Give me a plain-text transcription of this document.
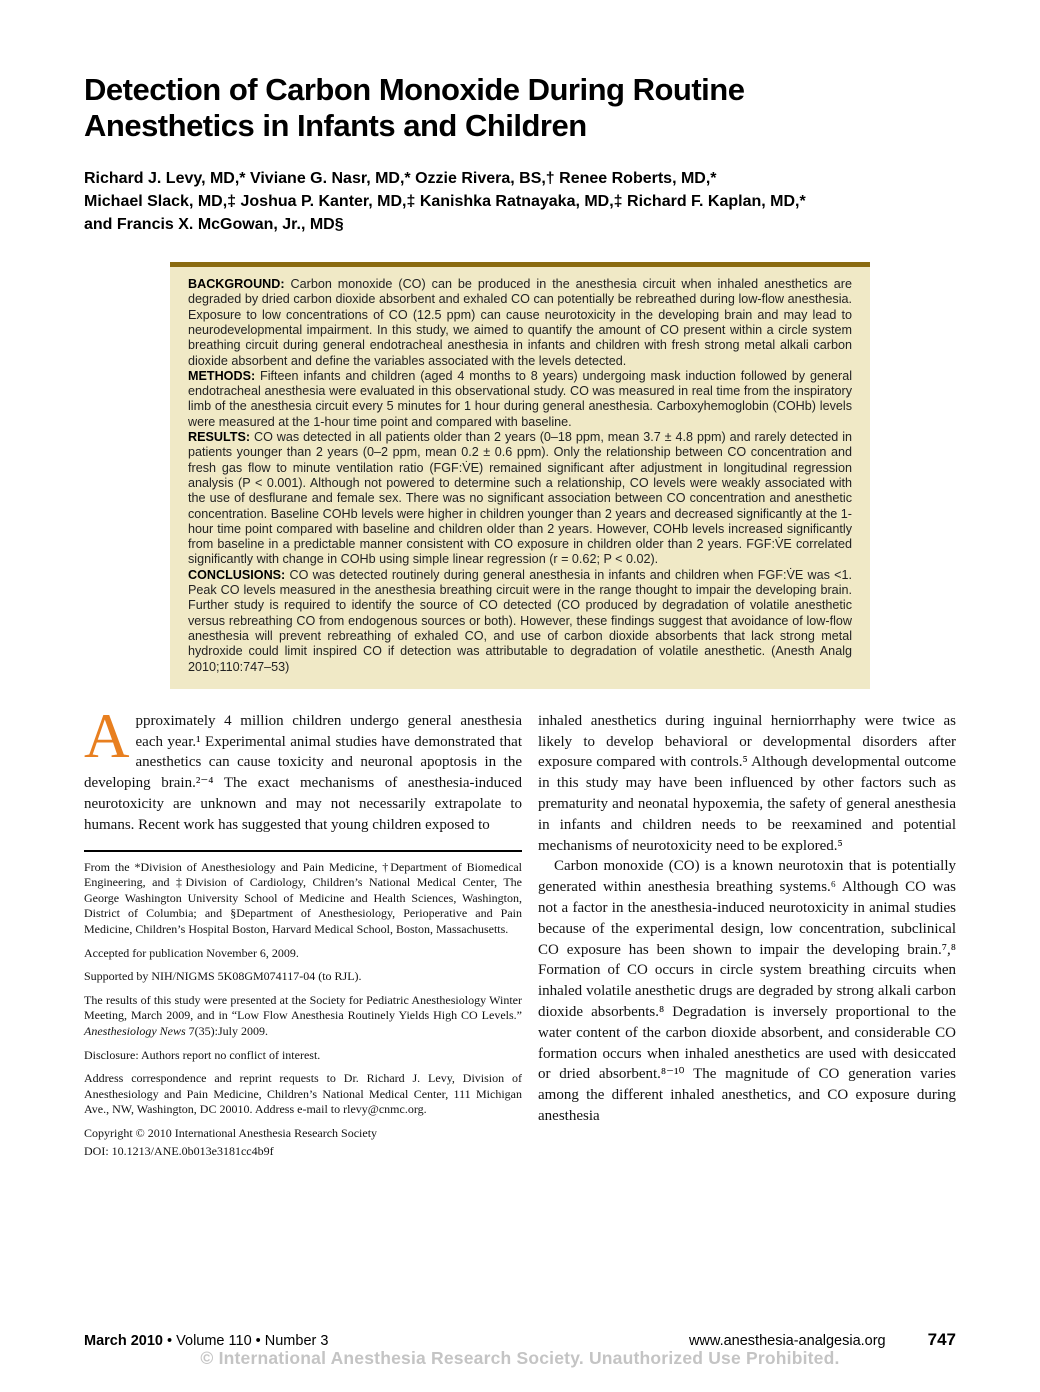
Detection of Carbon Monoxide During Routine
Anesthetics in Infants and Children
Richard J. Levy, MD,* Viviane G. Nasr, MD,* Ozzie Rivera, BS,† Renee Roberts, MD,*
Michael Slack, MD,‡ Joshua P. Kanter, MD,‡ Kanishka Ratnayaka, MD,‡ Richard F. Kaplan, MD,*
and Francis X. McGowan, Jr., MD§

BACKGROUND: Carbon monoxide (CO) can be produced in the anesthesia circuit when inhaled anesthetics are degraded by dried carbon dioxide absorbent and exhaled CO can potentially be rebreathed during low-flow anesthesia. Exposure to low concentrations of CO (12.5 ppm) can cause neurotoxicity in the developing brain and may lead to neurodevelopmental impairment. In this study, we aimed to quantify the amount of CO present within a circle system breathing circuit during general endotracheal anesthesia in infants and children with fresh strong metal alkali carbon dioxide absorbent and define the variables associated with the levels detected.

METHODS: Fifteen infants and children (aged 4 months to 8 years) undergoing mask induction followed by general endotracheal anesthesia were evaluated in this observational study. CO was measured in real time from the inspiratory limb of the anesthesia circuit every 5 minutes for 1 hour during general anesthesia. Carboxyhemoglobin (COHb) levels were measured at the 1-hour time point and compared with baseline.

RESULTS: CO was detected in all patients older than 2 years (0–18 ppm, mean 3.7 ± 4.8 ppm) and rarely detected in patients younger than 2 years (0–2 ppm, mean 0.2 ± 0.6 ppm). Only the relationship between CO concentration and fresh gas flow to minute ventilation ratio (FGF:V̇E) remained significant after adjustment in longitudinal regression analysis (P < 0.001). Although not powered to determine such a relationship, CO levels were weakly associated with the use of desflurane and female sex. There was no significant association between CO concentration and anesthetic concentration. Baseline COHb levels were higher in children younger than 2 years and decreased significantly at the 1-hour time point compared with baseline and children older than 2 years. However, COHb levels increased significantly from baseline in a predictable manner consistent with CO exposure in children older than 2 years. FGF:V̇E correlated significantly with change in COHb using simple linear regression (r = 0.62; P < 0.02).

CONCLUSIONS: CO was detected routinely during general anesthesia in infants and children when FGF:V̇E was <1. Peak CO levels measured in the anesthesia breathing circuit were in the range thought to impair the developing brain. Further study is required to identify the source of CO detected (CO produced by degradation of volatile anesthetic versus rebreathing CO from endogenous sources or both). However, these findings suggest that avoidance of low-flow anesthesia will prevent rebreathing of exhaled CO, and use of carbon dioxide absorbents that lack strong metal hydroxide could limit inspired CO if detection was attributable to degradation of volatile anesthetic. (Anesth Analg 2010;110:747–53)

Approximately 4 million children undergo general anesthesia each year.¹ Experimental animal studies have demonstrated that anesthetics can cause toxicity and neuronal apoptosis in the developing brain.²⁻⁴ The exact mechanisms of anesthesia-induced neurotoxicity are unknown and may not necessarily extrapolate to humans. Recent work has suggested that young children exposed to

From the *Division of Anesthesiology and Pain Medicine, †Department of Biomedical Engineering, and ‡Division of Cardiology, Children’s National Medical Center, The George Washington University School of Medicine and Health Sciences, Washington, District of Columbia; and §Department of Anesthesiology, Perioperative and Pain Medicine, Children’s Hospital Boston, Harvard Medical School, Boston, Massachusetts.

Accepted for publication November 6, 2009.

Supported by NIH/NIGMS 5K08GM074117-04 (to RJL).

The results of this study were presented at the Society for Pediatric Anesthesiology Winter Meeting, March 2009, and in “Low Flow Anesthesia Routinely Yields High CO Levels.” Anesthesiology News 7(35):July 2009.

Disclosure: Authors report no conflict of interest.

Address correspondence and reprint requests to Dr. Richard J. Levy, Division of Anesthesiology and Pain Medicine, Children’s National Medical Center, 111 Michigan Ave., NW, Washington, DC 20010. Address e-mail to rlevy@cnmc.org.

Copyright © 2010 International Anesthesia Research Society

DOI: 10.1213/ANE.0b013e3181cc4b9f

inhaled anesthetics during inguinal herniorrhaphy were twice as likely to develop behavioral or developmental disorders after exposure compared with controls.⁵ Although developmental outcome in this study may have been influenced by other factors such as prematurity and neonatal hypoxemia, the safety of general anesthesia in infants and children needs to be reexamined and potential mechanisms of neurotoxicity need to be explored.⁵

Carbon monoxide (CO) is a known neurotoxin that is potentially generated within anesthesia breathing systems.⁶ Although CO was not a factor in the anesthesia-induced neurotoxicity in animal studies because of the experimental design, low concentration, subclinical CO exposure has been shown to impair the developing brain.⁷,⁸ Formation of CO occurs in circle system breathing circuits when inhaled volatile anesthetic drugs are degraded by strong alkali carbon dioxide absorbents.⁸ Degradation is inversely proportional to the water content of the carbon dioxide absorbent, and considerable CO formation occurs when inhaled anesthetics are used with desiccated or dried absorbent.⁸⁻¹⁰ The magnitude of CO generation varies among the different inhaled anesthetics, and CO exposure during anesthesia

March 2010 • Volume 110 • Number 3	www.anesthesia-analgesia.org 747
© International Anesthesia Research Society. Unauthorized Use Prohibited.
